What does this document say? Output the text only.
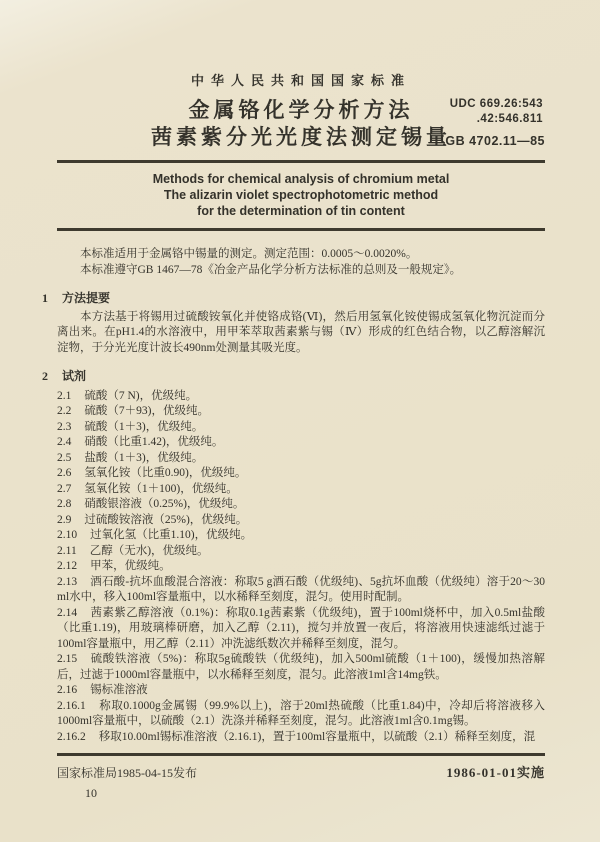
中华人民共和国国家标准
UDC 669.26:543
.42:546.811
金属铬化学分析方法
茜素紫分光光度法测定锡量
GB 4702.11—85
Methods for chemical analysis of chromium metal
The alizarin violet spectrophotometric method
for the determination of tin content

本标准适用于金属铬中锡量的测定。测定范围：0.0005～0.0020%。

本标准遵守GB 1467—78《冶金产品化学分析方法标准的总则及一般规定》。

1 方法提要

本方法基于将锡用过硫酸铵氧化并使铬成铬(Ⅵ)，然后用氢氧化铵使锡成氢氧化物沉淀而分离出来。在pH1.4的水溶液中，用甲苯萃取茜素紫与锡（Ⅳ）形成的红色结合物，以乙醇溶解沉淀物，于分光光度计波长490nm处测量其吸光度。

2 试剂

2.1 硫酸（7 N)，优级纯。

2.2 硫酸（7＋93)，优级纯。

2.3 硫酸（1＋3)，优级纯。

2.4 硝酸（比重1.42)，优级纯。

2.5 盐酸（1＋3)，优级纯。

2.6 氢氧化铵（比重0.90)，优级纯。

2.7 氢氧化铵（1＋100)，优级纯。

2.8 硝酸银溶液（0.25%)，优级纯。

2.9 过硫酸铵溶液（25%)，优级纯。

2.10 过氧化氢（比重1.10)，优级纯。

2.11 乙醇（无水)，优级纯。

2.12 甲苯，优级纯。

2.13 酒石酸-抗坏血酸混合溶液：称取5 g酒石酸（优级纯)、5g抗坏血酸（优级纯）溶于20～30 ml水中，移入100ml容量瓶中，以水稀释至刻度，混匀。使用时配制。

2.14 茜素紫乙醇溶液（0.1%)：称取0.1g茜素紫（优级纯)，置于100ml烧杯中，加入0.5ml盐酸（比重1.19)，用玻璃棒研磨，加入乙醇（2.11)，搅匀并放置一夜后，将溶液用快速滤纸过滤于100ml容量瓶中，用乙醇（2.11）冲洗滤纸数次并稀释至刻度，混匀。

2.15 硫酸铁溶液（5%)：称取5g硫酸铁（优级纯)，加入500ml硫酸（1＋100)，缓慢加热溶解后，过滤于1000ml容量瓶中，以水稀释至刻度，混匀。此溶液1ml含14mg铁。

2.16 锡标准溶液

2.16.1 称取0.1000g金属锡（99.9%以上)，溶于20ml热硫酸（比重1.84)中，冷却后将溶液移入1000ml容量瓶中，以硫酸（2.1）洗涤并稀释至刻度，混匀。此溶液1ml含0.1mg锡。

2.16.2 移取10.00ml锡标准溶液（2.16.1)，置于100ml容量瓶中，以硫酸（2.1）稀释至刻度，混

国家标准局1985-04-15发布	1986-01-01实施
10
